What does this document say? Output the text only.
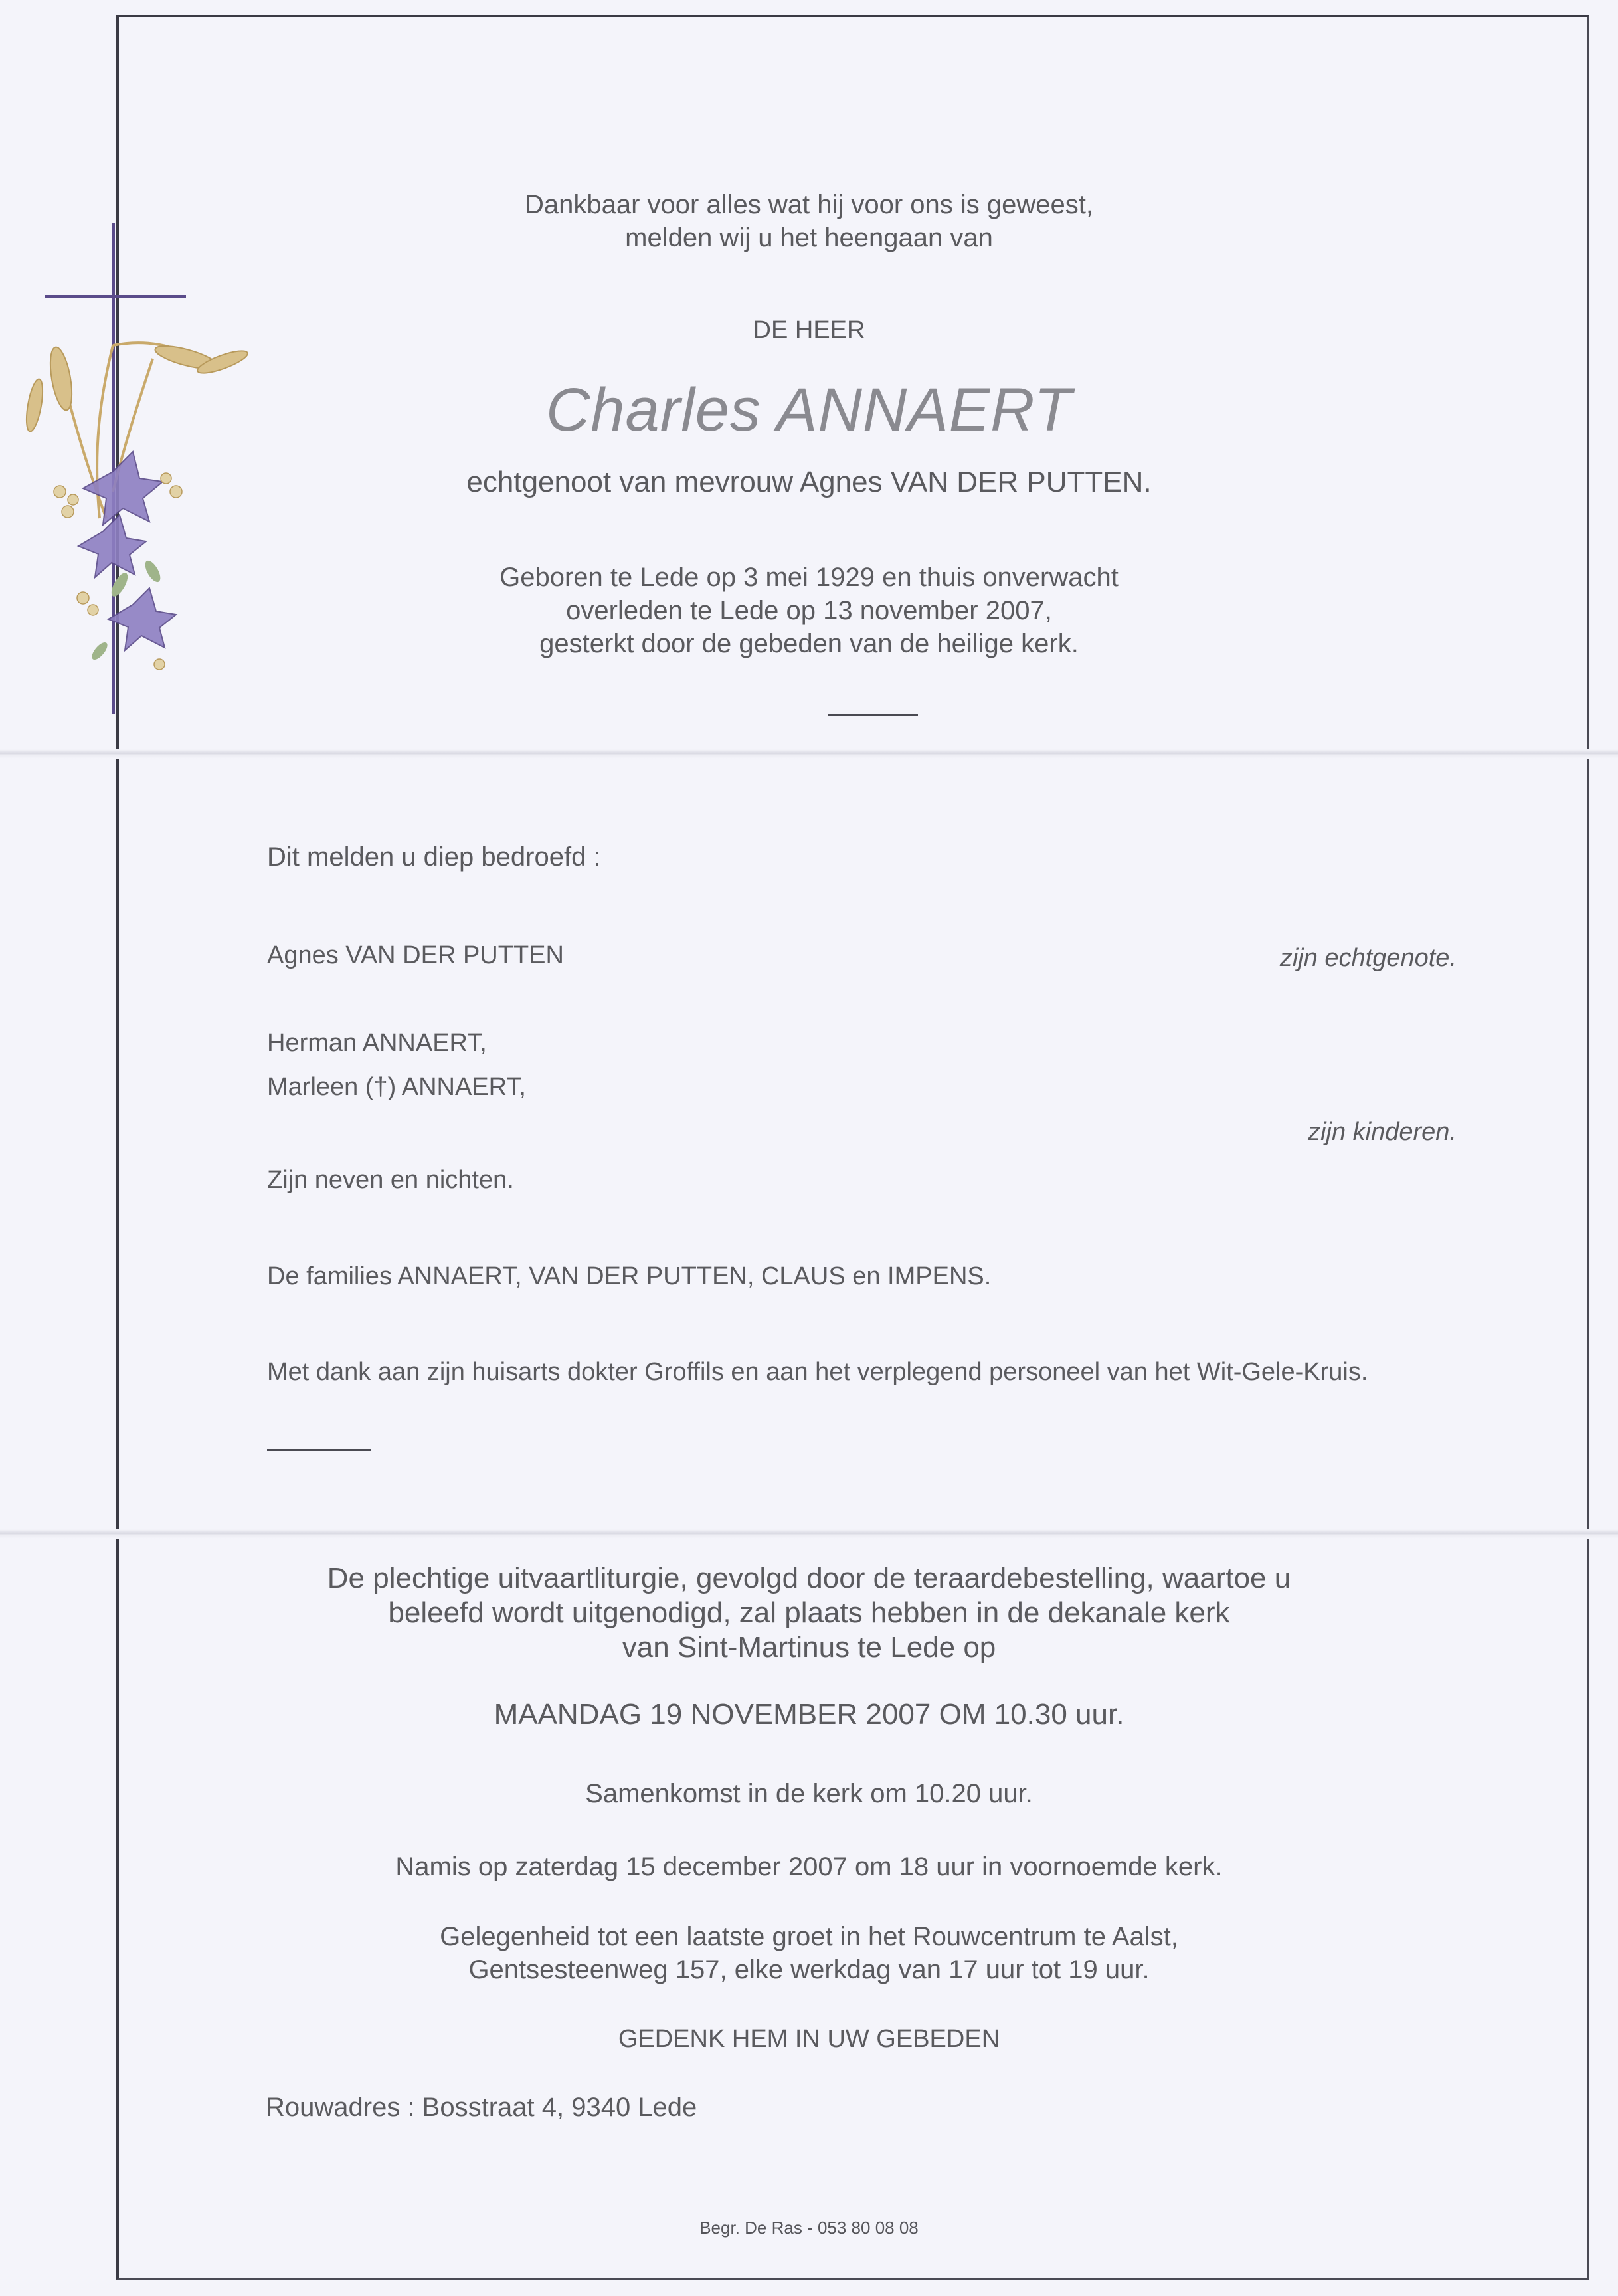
Dankbaar voor alles wat hij voor ons is geweest,
melden wij u het heengaan van
DE HEER
Charles ANNAERT
echtgenoot van mevrouw Agnes VAN DER PUTTEN.
Geboren te Lede op 3 mei 1929 en thuis onverwacht
overleden te Lede op 13 november 2007,
gesterkt door de gebeden van de heilige kerk.
Dit melden u diep bedroefd :
Agnes VAN DER PUTTEN	zijn echtgenote.
Herman ANNAERT,
Marleen (†) ANNAERT,
zijn kinderen.
Zijn neven en nichten.
De families ANNAERT, VAN DER PUTTEN, CLAUS en IMPENS.
Met dank aan zijn huisarts dokter Groffils en aan het verplegend personeel van het Wit-Gele-Kruis.
De plechtige uitvaartliturgie, gevolgd door de teraardebestelling, waartoe u
beleefd wordt uitgenodigd, zal plaats hebben in de dekanale kerk
van Sint-Martinus te Lede op
MAANDAG 19 NOVEMBER 2007 OM 10.30 uur.
Samenkomst in de kerk om 10.20 uur.
Namis op zaterdag 15 december 2007 om 18 uur in voornoemde kerk.
Gelegenheid tot een laatste groet in het Rouwcentrum te Aalst,
Gentsesteenweg 157, elke werkdag van 17 uur tot 19 uur.
GEDENK HEM IN UW GEBEDEN
Rouwadres : Bosstraat 4, 9340 Lede
Begr. De Ras - 053 80 08 08
